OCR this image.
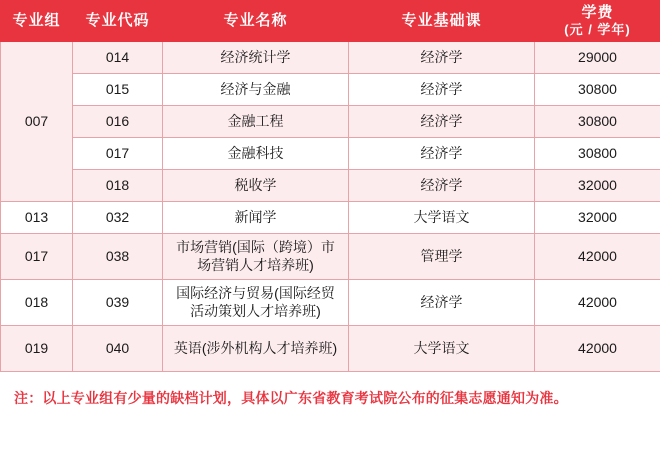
专业组	专业代码	专业名称	专业基础课	学费
(元 / 学年)

007	014	经济统计学	经济学	29000
	015	经济与金融	经济学	30800
	016	金融工程	经济学	30800
	017	金融科技	经济学	30800
	018	税收学	经济学	32000
013	032	新闻学	大学语文	32000
017	038	市场营销(国际（跨境）市场营销人才培养班)	管理学	42000
018	039	国际经济与贸易(国际经贸活动策划人才培养班)	经济学	42000
019	040	英语(涉外机构人才培养班)	大学语文	42000
注：以上专业组有少量的缺档计划，具体以广东省教育考试院公布的征集志愿通知为准。
